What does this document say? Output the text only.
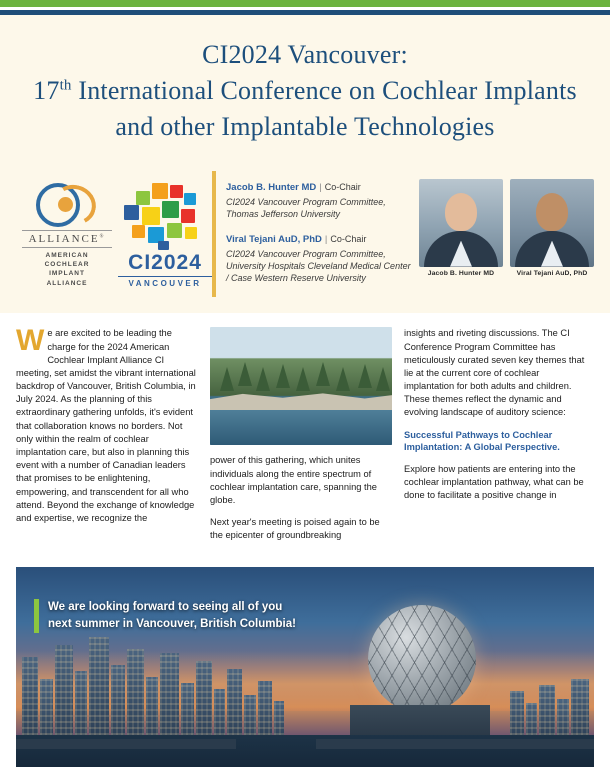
CI2024 Vancouver:
17th International Conference on Cochlear Implants
and other Implantable Technologies
ALLIANCE®
AMERICAN
COCHLEAR
IMPLANT
ALLIANCE
CI2024
VANCOUVER
Jacob B. Hunter MD | Co-Chair
CI2024 Vancouver Program Committee, Thomas Jefferson University
Viral Tejani AuD, PhD | Co-Chair
CI2024 Vancouver Program Committee, University Hospitals Cleveland Medical Center / Case Western Reserve University
Jacob B. Hunter MD	Viral Tejani AuD, PhD

We are excited to be leading the charge for the 2024 American Cochlear Implant Alliance CI meeting, set amidst the vibrant international backdrop of Vancouver, British Columbia, in July 2024. As the planning of this extraordinary gathering unfolds, it's evident that collaboration knows no borders. Not only within the realm of cochlear implantation care, but also in planning this event with a number of Canadian leaders that promises to be enlightening, empowering, and transcendent for all who attend. Beyond the exchange of knowledge and expertise, we recognize the

power of this gathering, which unites individuals along the entire spectrum of cochlear implantation care, spanning the globe.

Next year's meeting is poised again to be the epicenter of groundbreaking

insights and riveting discussions. The CI Conference Program Committee has meticulously curated seven key themes that lie at the current core of cochlear implantation for both adults and children. These themes reflect the dynamic and evolving landscape of auditory science:

Successful Pathways to Cochlear Implantation: A Global Perspective.

Explore how patients are entering into the cochlear implantation pathway, what can be done to facilitate a positive change in

We are looking forward to seeing all of you
next summer in Vancouver, British Columbia!
